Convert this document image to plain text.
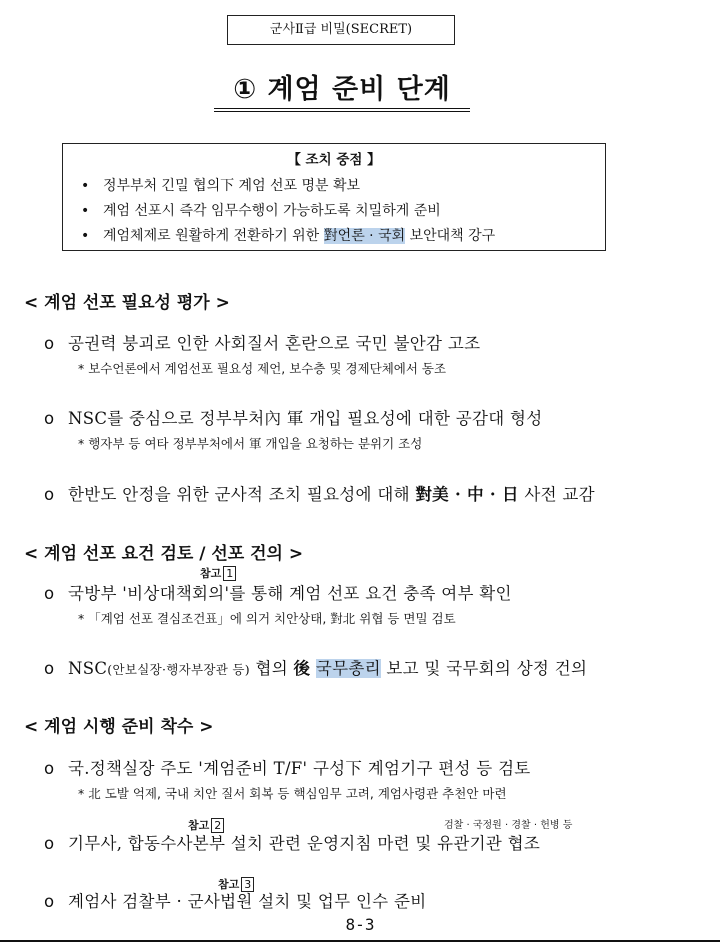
군사Ⅱ급 비밀(SECRET)
① 계엄 준비 단계
【 조치 중점 】
• 정부부처 긴밀 협의下 계엄 선포 명분 확보
• 계엄 선포시 즉각 임무수행이 가능하도록 치밀하게 준비
• 계엄체제로 원활하게 전환하기 위한 對언론 · 국회 보안대책 강구
< 계엄 선포 필요성 평가 >
o 공권력 붕괴로 인한 사회질서 혼란으로 국민 불안감 고조
* 보수언론에서 계엄선포 필요성 제언, 보수층 및 경제단체에서 동조
o NSC를 중심으로 정부부처內 軍 개입 필요성에 대한 공감대 형성
* 행자부 등 여타 정부부처에서 軍 개입을 요청하는 분위기 조성
o 한반도 안정을 위한 군사적 조치 필요성에 대해 對美 · 中 · 日 사전 교감
< 계엄 선포 요건 검토 / 선포 건의 >
참고 1
o 국방부 '비상대책회의'를 통해 계엄 선포 요건 충족 여부 확인
* 「계엄 선포 결심조건표」에 의거 치안상태, 對北 위협 등 면밀 검토
o NSC(안보실장·행자부장관 등) 협의 後 국무총리 보고 및 국무회의 상정 건의
< 계엄 시행 준비 착수 >
o 국.정책실장 주도 '계엄준비 T/F' 구성下 계엄기구 편성 등 검토
* 北 도발 억제, 국내 치안 질서 회복 등 핵심임무 고려, 계엄사령관 추천안 마련
참고 2	검찰 · 국정원 · 경찰 · 헌병 등
o 기무사, 합동수사본부 설치 관련 운영지침 마련 및 유관기관 협조
참고 3
o 계엄사 검찰부 · 군사법원 설치 및 업무 인수 준비
8-3
